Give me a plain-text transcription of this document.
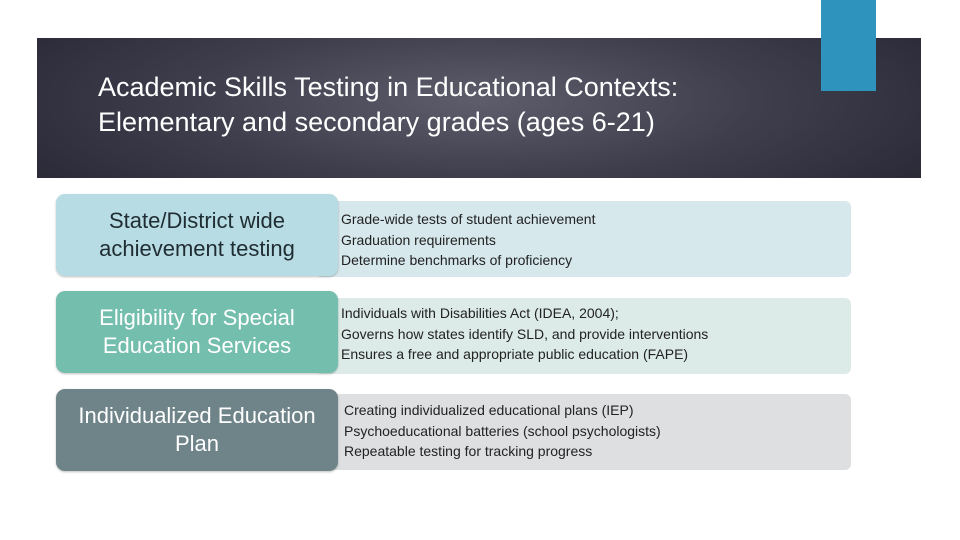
Academic Skills Testing in Educational Contexts:
Elementary and secondary grades (ages 6-21)
• Grade-wide tests of student achievement
• Graduation requirements
• Determine benchmarks of proficiency
State/District wide achievement testing
• Individuals with Disabilities Act (IDEA, 2004);
• Governs how states identify SLD, and provide interventions
• Ensures a free and appropriate public education (FAPE)
Eligibility for Special Education Services
• Creating individualized educational plans (IEP)
• Psychoeducational batteries (school psychologists)
• Repeatable testing for tracking progress
Individualized Education Plan
